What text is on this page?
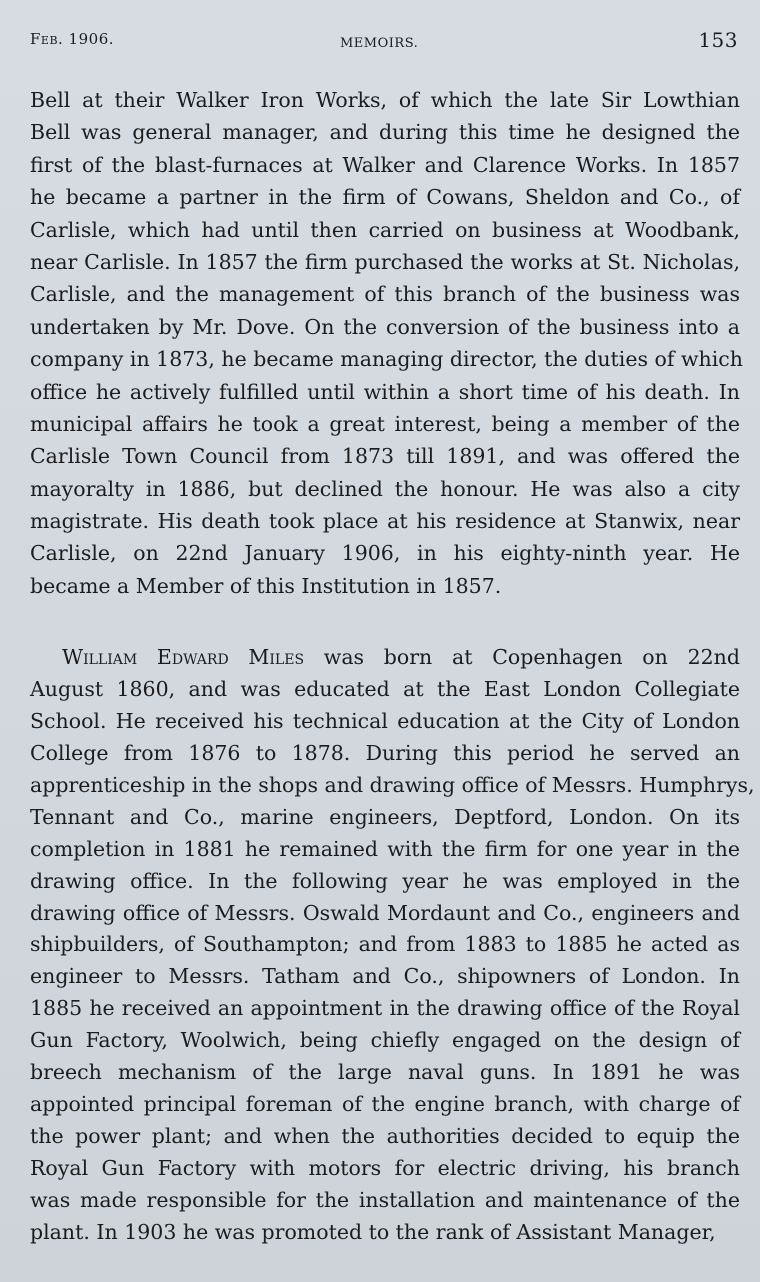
Feb. 1906.	MEMOIRS.	153
Bell at their Walker Iron Works, of which the late Sir Lowthian
Bell was general manager, and during this time he designed the
first of the blast-furnaces at Walker and Clarence Works. In 1857
he became a partner in the firm of Cowans, Sheldon and Co., of
Carlisle, which had until then carried on business at Woodbank,
near Carlisle. In 1857 the firm purchased the works at St. Nicholas,
Carlisle, and the management of this branch of the business was
undertaken by Mr. Dove. On the conversion of the business into a
company in 1873, he became managing director, the duties of which
office he actively fulfilled until within a short time of his death. In
municipal affairs he took a great interest, being a member of the
Carlisle Town Council from 1873 till 1891, and was offered the
mayoralty in 1886, but declined the honour. He was also a city
magistrate. His death took place at his residence at Stanwix, near
Carlisle, on 22nd January 1906, in his eighty-ninth year. He
became a Member of this Institution in 1857.
William Edward Miles was born at Copenhagen on 22nd
August 1860, and was educated at the East London Collegiate
School. He received his technical education at the City of London
College from 1876 to 1878. During this period he served an
apprenticeship in the shops and drawing office of Messrs. Humphrys,
Tennant and Co., marine engineers, Deptford, London. On its
completion in 1881 he remained with the firm for one year in the
drawing office. In the following year he was employed in the
drawing office of Messrs. Oswald Mordaunt and Co., engineers and
shipbuilders, of Southampton; and from 1883 to 1885 he acted as
engineer to Messrs. Tatham and Co., shipowners of London. In
1885 he received an appointment in the drawing office of the Royal
Gun Factory, Woolwich, being chiefly engaged on the design of
breech mechanism of the large naval guns. In 1891 he was
appointed principal foreman of the engine branch, with charge of
the power plant; and when the authorities decided to equip the
Royal Gun Factory with motors for electric driving, his branch
was made responsible for the installation and maintenance of the
plant. In 1903 he was promoted to the rank of Assistant Manager,
